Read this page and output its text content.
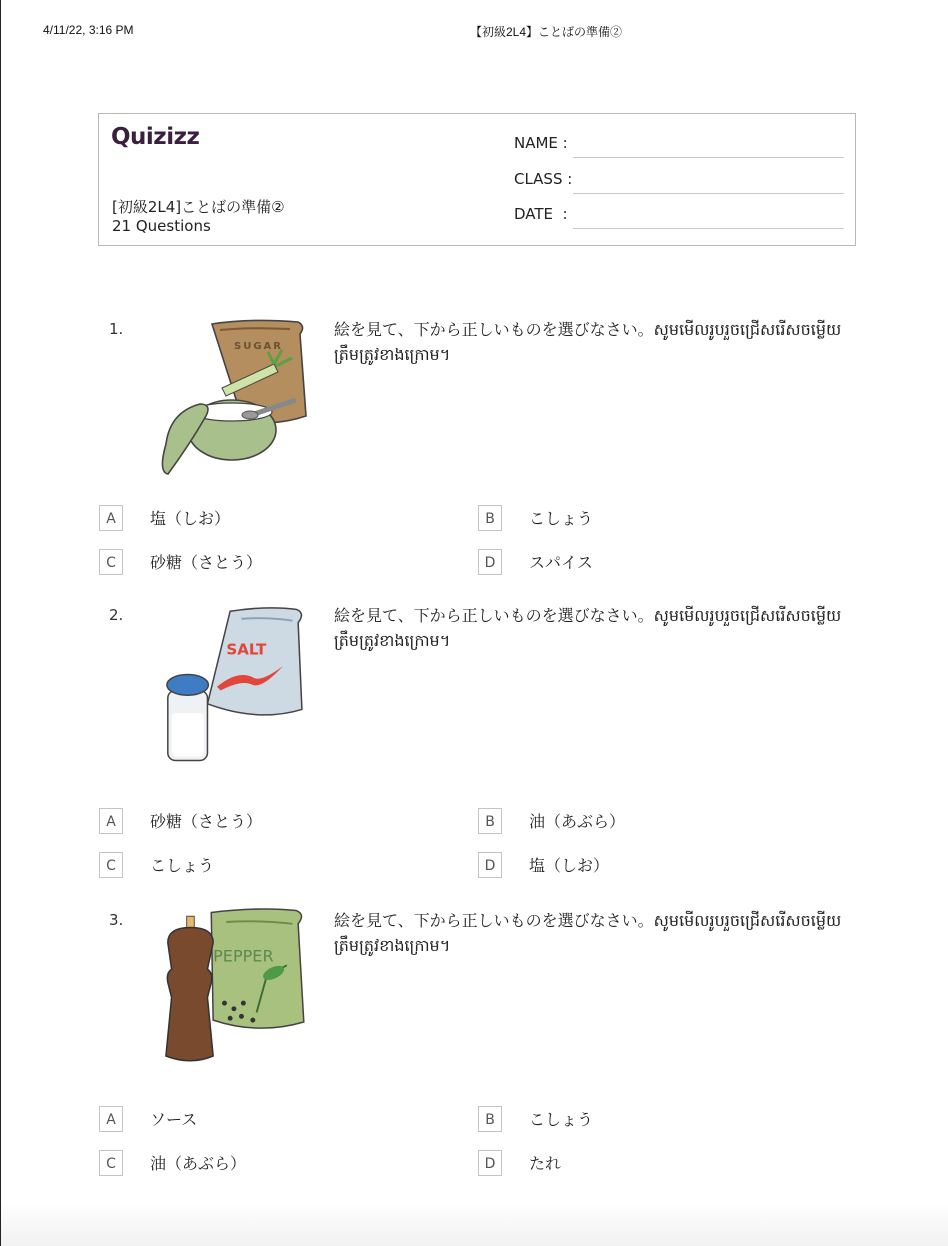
4/11/22, 3:16 PM	【初級2L4】ことばの準備②
Quizizz
[初級2L4]ことばの準備②
21 Questions
NAME :
CLASS :
DATE  :
1.
SUGAR
絵を見て、下から正しいものを選びなさい。សូមមើលរូបរួចជ្រើសរើសចម្លើយត្រឹមត្រូវខាងក្រោម។
A	塩（しお）	B	こしょう
C	砂糖（さとう）	D	スパイス
2.
SALT
絵を見て、下から正しいものを選びなさい。សូមមើលរូបរួចជ្រើសរើសចម្លើយត្រឹមត្រូវខាងក្រោម។
A	砂糖（さとう）	B	油（あぶら）
C	こしょう	D	塩（しお）
3.
PEPPER
絵を見て、下から正しいものを選びなさい。សូមមើលរូបរួចជ្រើសរើសចម្លើយត្រឹមត្រូវខាងក្រោម។
A	ソース	B	こしょう
C	油（あぶら）	D	たれ
